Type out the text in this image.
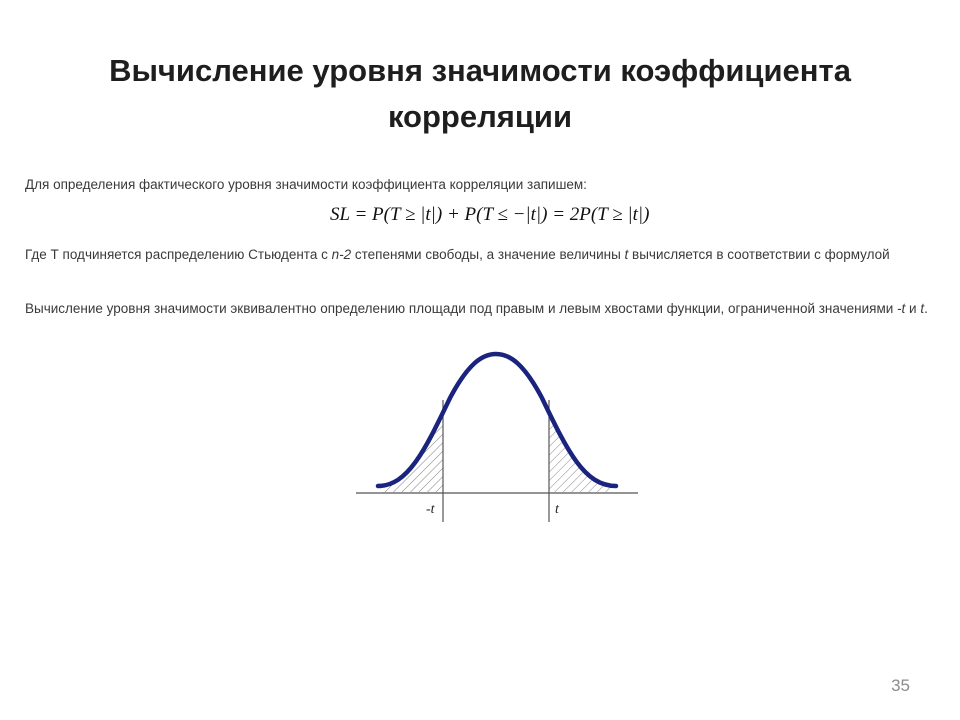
Вычисление уровня значимости коэффициента
корреляции
Для определения фактического уровня значимости коэффициента корреляции запишем:
SL = P(T ≥ |t|) + P(T ≤ −|t|) = 2P(T ≥ |t|)
Где Т подчиняется распределению Стьюдента с n-2 степенями свободы, а значение величины t вычисляется в соответствии с формулой
Вычисление уровня значимости эквивалентно определению площади под правым и левым хвостами функции, ограниченной значениями -t и t.
-t	t
35
